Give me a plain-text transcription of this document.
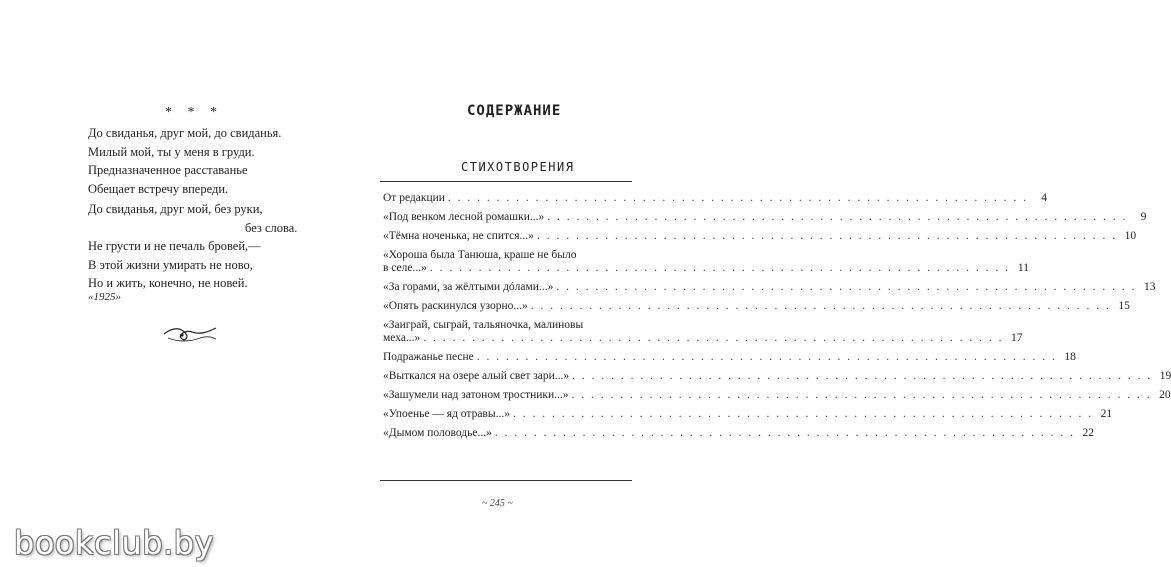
* * *
До свиданья, друг мой, до свиданья.
Милый мой, ты у меня в груди.
Предназначенное расставанье
Обещает встречу впереди.
До свиданья, друг мой, без руки,
без слова.
Не грусти и не печаль бровей,—
В этой жизни умирать не ново,
Но и жить, конечно, не новей.
«1925»
СОДЕРЖАНИЕ
СТИХОТВОРЕНИЯ
От редакции . . .	4
«Под венком лесной ромашки...» . . .	9
«Тёмна ноченька, не спится...» . . .	10
«Хороша была Танюша, краше не было
в селе...» . . .	11
«За горами, за жёлтыми дóлами...» . . .	13
«Опять раскинулся узорно...» . . .	15
«Заиграй, сыграй, тальяночка, малиновы
меха...» . . .	17
Подражанье песне . . .	18
«Выткался на озере алый свет зари...» . . .	19
«Зашумели над затоном тростники...» . . .	20
«Упоенье — яд отравы...» . . .	21
«Дымом половодье...» . . .	22
~ 245 ~
bookclub.by
